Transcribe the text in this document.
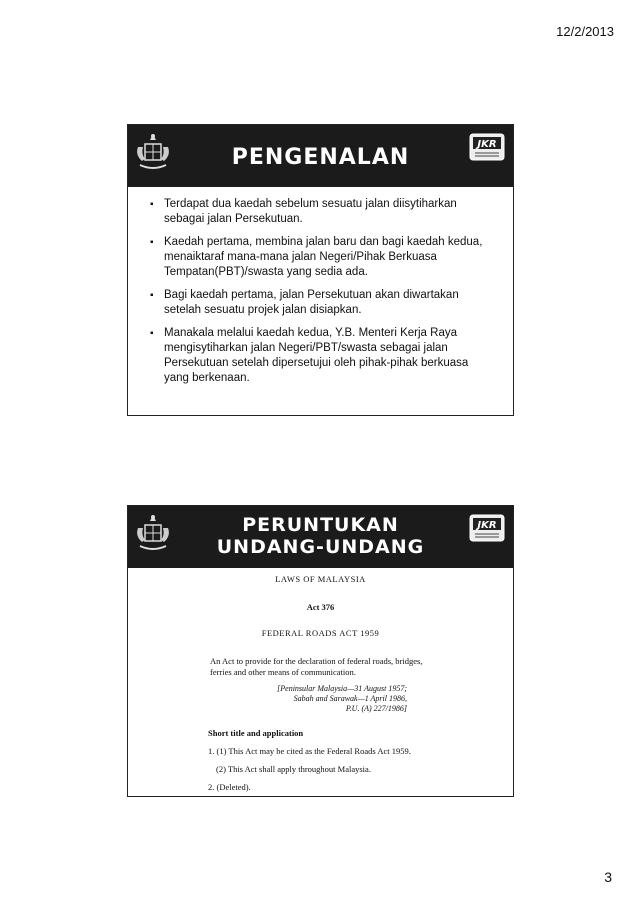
12/2/2013
PENGENALAN
JKR
▪ Terdapat dua kaedah sebelum sesuatu jalan diisytiharkan sebagai jalan Persekutuan.
▪ Kaedah pertama, membina jalan baru dan bagi kaedah kedua, menaiktaraf mana-mana jalan Negeri/Pihak Berkuasa Tempatan(PBT)/swasta yang sedia ada.
▪ Bagi kaedah pertama, jalan Persekutuan akan diwartakan setelah sesuatu projek jalan disiapkan.
▪ Manakala melalui kaedah kedua, Y.B. Menteri Kerja Raya mengisytiharkan jalan Negeri/PBT/swasta sebagai jalan Persekutuan setelah dipersetujui oleh pihak-pihak berkuasa yang berkenaan.
PERUNTUKAN
UNDANG-UNDANG
JKR
LAWS OF MALAYSIA
Act 376
FEDERAL ROADS ACT 1959
An Act to provide for the declaration of federal roads, bridges, ferries and other means of communication.
[Peninsular Malaysia—31 August 1957;
Sabah and Sarawak—1 April 1986,
P.U. (A) 227/1986]
Short title and application
1. (1) This Act may be cited as the Federal Roads Act 1959.
(2) This Act shall apply throughout Malaysia.
2. (Deleted).
3
